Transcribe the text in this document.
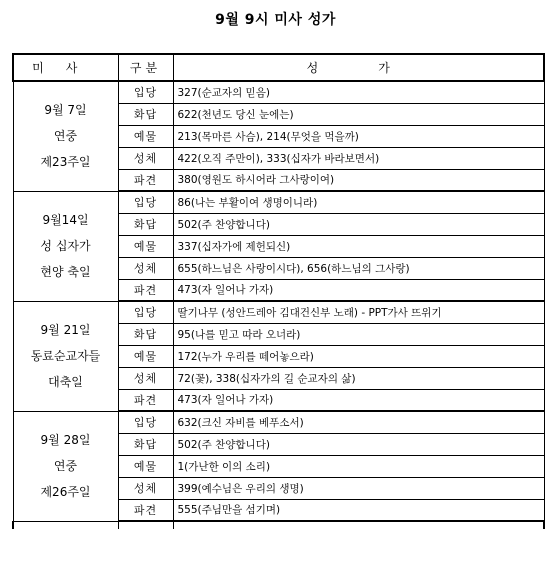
9월 9시 미사 성가
미사	구분	성가

9월 7일
연중
제23주일	입당	327(순교자의 믿음)
	화답	622(천년도 당신 눈에는)
	예물	213(목마른 사슴), 214(무엇을 먹을까)
	성체	422(오직 주만이), 333(십자가 바라보면서)
	파견	380(영원도 하시어라 그사랑이여)

9월14일
성 십자가
현양 축일	입당	86(나는 부활이여 생명이니라)
	화답	502(주 찬양합니다)
	예물	337(십자가에 제헌되신)
	성체	655(하느님은 사랑이시다), 656(하느님의 그사랑)
	파견	473(자 일어나 가자)

9월 21일
동료순교자들
대축일	입당	딸기나무 (성안드레아 김대건신부 노래) - PPT가사 뜨위기
	화답	95(나를 믿고 따라 오너라)
	예물	172(누가 우리를 떼어놓으라)
	성체	72(꽃), 338(십자가의 길 순교자의 삶)
	파견	473(자 일어나 가자)

9월 28일
연중
제26주일	입당	632(크신 자비를 베푸소서)
	화답	502(주 찬양합니다)
	예물	1(가난한 이의 소리)
	성체	399(예수님은 우리의 생명)
	파견	555(주님만을 섬기며)
